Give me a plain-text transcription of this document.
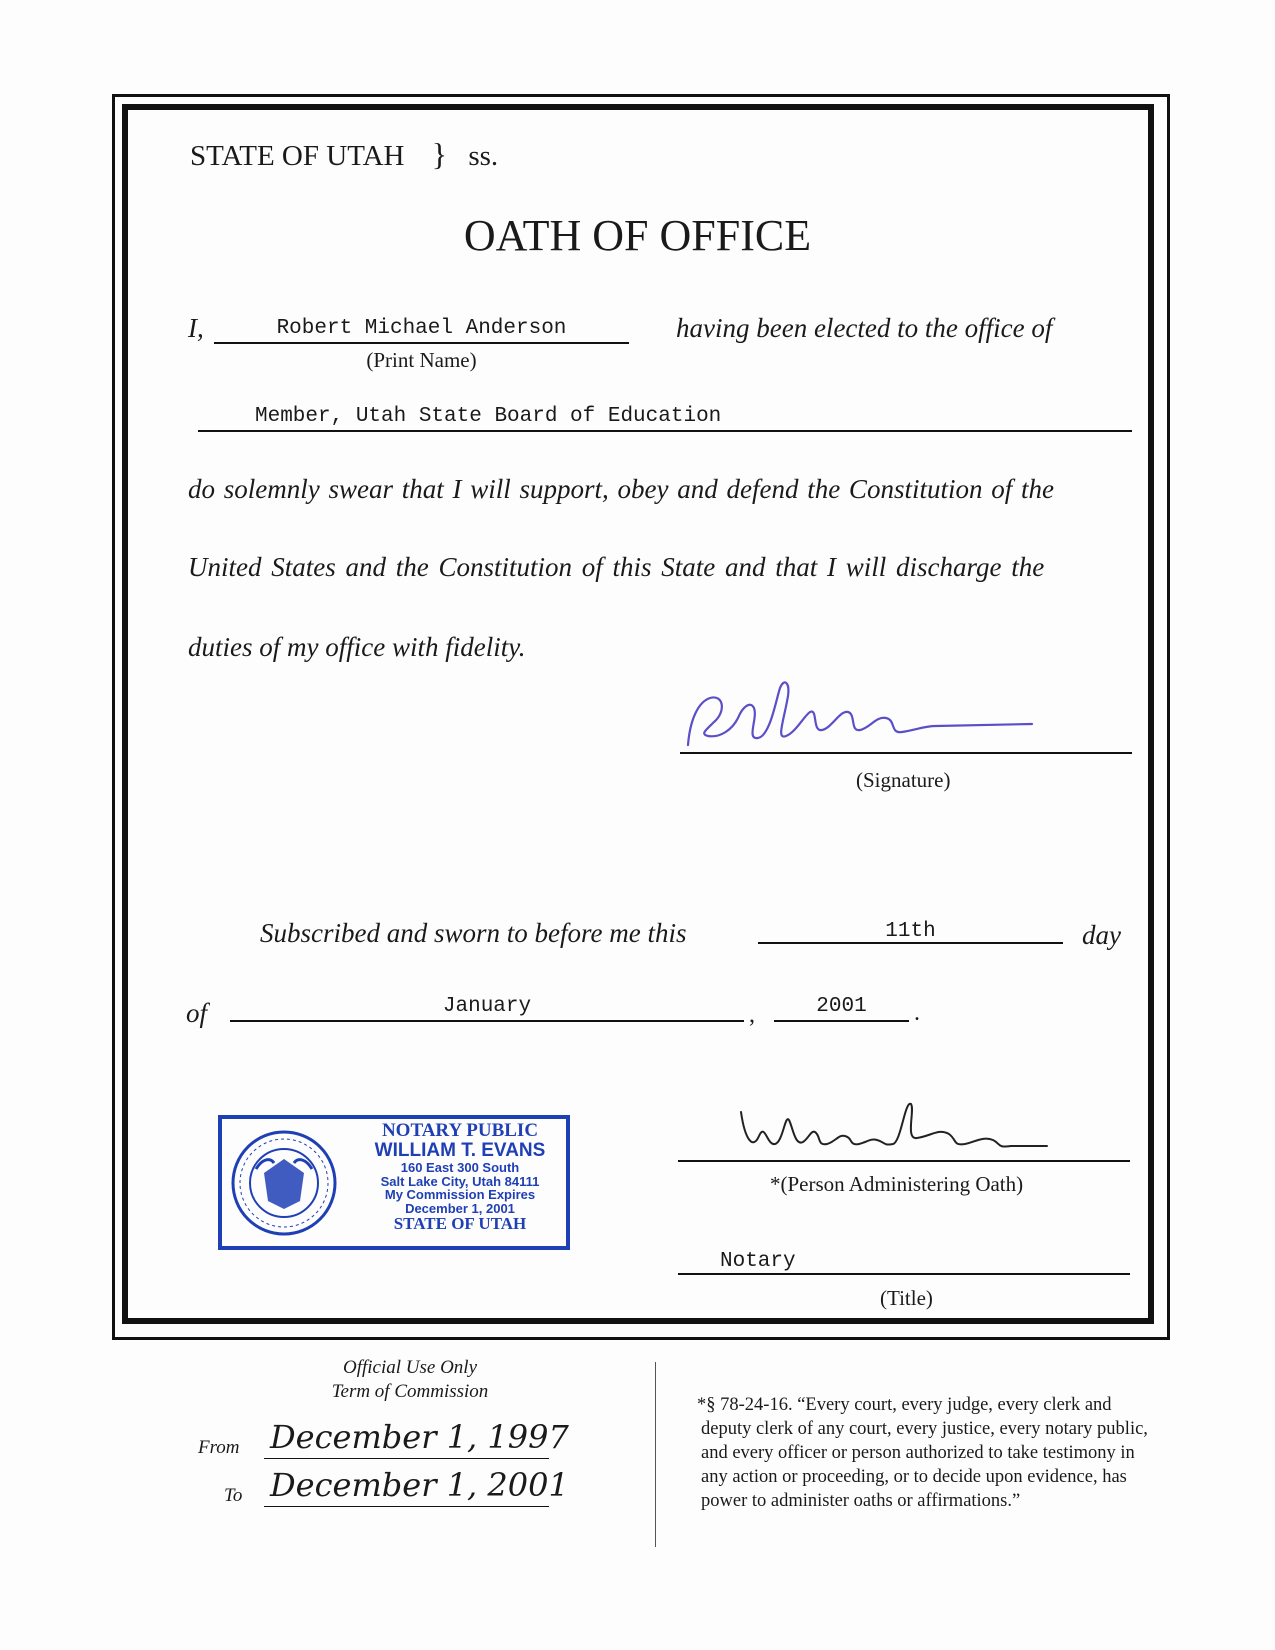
STATE OF UTAH } ss.
OATH OF OFFICE
I,	Robert Michael Anderson
(Print Name)
having been elected to the office of
Member, Utah State Board of Education
do solemnly swear that I will support, obey and defend the Constitution of the
United States and the Constitution of this State and that I will discharge the
duties of my office with fidelity.
(Signature)
Subscribed and sworn to before me this	11th	day
of	January	,	2001	.
NOTARY PUBLIC
WILLIAM T. EVANS
160 East 300 South
Salt Lake City, Utah 84111
My Commission Expires
December 1, 2001
STATE OF UTAH
*(Person Administering Oath)
Notary
(Title)
Official Use Only
Term of Commission
From December 1, 1997
To December 1, 2001
*§ 78-24-16. “Every court, every judge, every clerk and
deputy clerk of any court, every justice, every notary public,
and every officer or person authorized to take testimony in
any action or proceeding, or to decide upon evidence, has
power to administer oaths or affirmations.”
